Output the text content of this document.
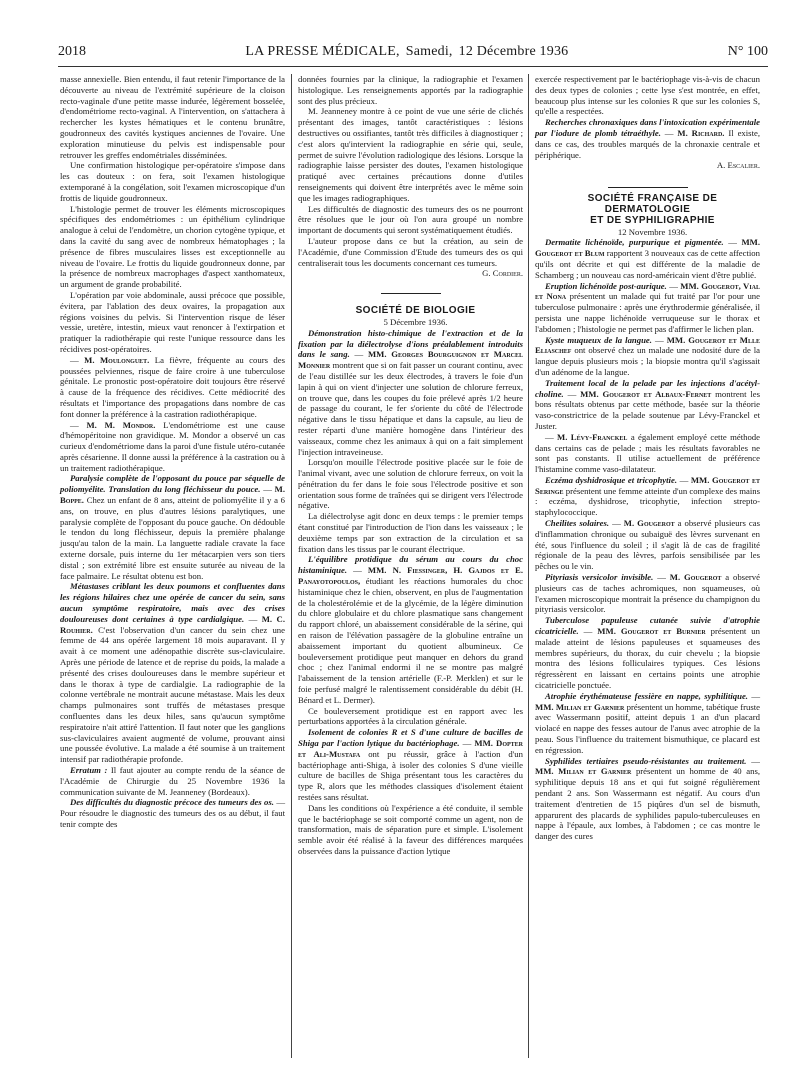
2018	LA PRESSE MÉDICALE, Samedi, 12 Décembre 1936	N° 100

masse annexielle. Bien entendu, il faut retenir l'importance de la découverte au niveau de l'extrémité supérieure de la cloison recto-vaginale d'une petite masse indurée, légèrement bosselée, d'endométriome recto-vaginal. A l'intervention, on s'attachera à rechercher les kystes hématiques et le contenu brunâtre, goudronneux des cavités kystiques anciennes de l'ovaire. Une exploration minutieuse du pelvis est indispensable pour retrouver les greffes endométriales disséminées.

Une confirmation histologique per-opératoire s'impose dans les cas douteux : on fera, soit l'examen histologique extemporané à la congélation, soit l'examen microscopique d'un frottis de liquide goudronneux.

L'histologie permet de trouver les éléments microscopiques spécifiques des endométriomes : un épithélium cylindrique analogue à celui de l'endomètre, un chorion cytogène typique, et dans la cavité du sang avec de nombreux hématophages ; la présence de fibres musculaires lisses est exceptionnelle au niveau de l'ovaire. Le frottis du liquide goudronneux donne, par la présence de nombreux macrophages d'aspect xanthomateux, un argument de grande probabilité.

L'opération par voie abdominale, aussi précoce que possible, évitera, par l'ablation des deux ovaires, la propagation aux régions voisines du pelvis. Si l'intervention risque de léser vessie, uretère, intestin, mieux vaut renoncer à l'extirpation et pratiquer la radiothérapie qui reste l'unique ressource dans les récidives post-opératoires.

— M. Moulonguet. La fièvre, fréquente au cours des poussées pelviennes, risque de faire croire à une tuberculose génitale. Le pronostic post-opératoire doit toujours être réservé à cause de la fréquence des récidives. Cette médiocrité des résultats et l'importance des propagations dans nombre de cas font donner la préférence à la castration radiothérapique.

— M. M. Mondor. L'endométriome est une cause d'hémopéritoine non gravidique. M. Mondor a observé un cas curieux d'endométriome dans la paroi d'une fistule utéro-cutanée après césarienne. Il donne aussi la préférence à la castration ou à un traitement radiothérapique.

Paralysie complète de l'opposant du pouce par séquelle de poliomyélite. Translation du long fléchisseur du pouce. — M. Boppe. Chez un enfant de 8 ans, atteint de poliomyélite il y a 6 ans, on trouve, en plus d'autres lésions paralytiques, une paralysie complète de l'opposant du pouce gauche. On dédouble le tendon du long fléchisseur, depuis la première phalange jusqu'au talon de la main. La languette radiale cravate la face externe dorsale, puis interne du 1er métacarpien vers son tiers distal ; son extrémité libre est ensuite suturée au niveau de la face palmaire. Le résultat obtenu est bon.

Métastases criblant les deux poumons et confluentes dans les régions hilaires chez une opérée de cancer du sein, sans aucun symptôme respiratoire, mais avec des crises douloureuses dont certaines à type cardialgique. — M. C. Rouhier. C'est l'observation d'un cancer du sein chez une femme de 44 ans opérée largement 18 mois auparavant. Il y avait à ce moment une adénopathie discrète sus-claviculaire. Après une période de latence et de reprise du poids, la malade a présenté des crises douloureuses dans le membre supérieur et dans le thorax à type de cardialgie. La radiographie de la colonne vertébrale ne montrait aucune métastase. Mais les deux champs pulmonaires sont truffés de métastases presque confluentes dans les deux hiles, sans qu'aucun symptôme respiratoire n'ait attiré l'attention. Il faut noter que les ganglions sus-claviculaires avaient augmenté de volume, prouvant ainsi une poussée évolutive. La malade a été soumise à un traitement intensif par radiothérapie profonde.

Erratum : Il faut ajouter au compte rendu de la séance de l'Académie de Chirurgie du 25 Novembre 1936 la communication suivante de M. Jeanneney (Bordeaux).

Des difficultés du diagnostic précoce des tumeurs des os. — Pour résoudre le diagnostic des tumeurs des os au début, il faut tenir compte des

données fournies par la clinique, la radiographie et l'examen histologique. Les renseignements apportés par la radiographie sont des plus précieux.

M. Jeanneney montre à ce point de vue une série de clichés présentant des images, tantôt caractéristiques : lésions destructives ou ossifiantes, tantôt très difficiles à diagnostiquer ; c'est alors qu'intervient la radiographie en série qui, seule, permet de suivre l'évolution radiologique des lésions. Lorsque la radiographie laisse persister des doutes, l'examen histologique pratiqué avec certaines précautions donne d'utiles renseignements qui doivent être interprétés avec le même soin que les images radiographiques.

Les difficultés de diagnostic des tumeurs des os ne pourront être résolues que le jour où l'on aura groupé un nombre important de documents qui seront systématiquement étudiés.

L'auteur propose dans ce but la création, au sein de l'Académie, d'une Commission d'Etude des tumeurs des os qui centraliserait tous les documents concernant ces tumeurs.

G. Cordier.

SOCIÉTÉ DE BIOLOGIE

5 Décembre 1936.

Démonstration histo-chimique de l'extraction et de la fixation par la diélectrolyse d'ions préalablement introduits dans le sang. — MM. Georges Bourguignon et Marcel Monnier montrent que si on fait passer un courant continu, avec de l'eau distillée sur les deux électrodes, à travers le foie d'un lapin à qui on vient d'injecter une solution de chlorure ferreux, on trouve que, dans les coupes du foie prélevé après 1/2 heure de passage du courant, le fer s'oriente du côté de l'électrode négative dans le tissu hépatique et dans la capsule, au lieu de rester réparti d'une manière homogène dans l'intérieur des vaisseaux, comme chez les animaux à qui on a fait simplement l'injection intraveineuse.

Lorsqu'on mouille l'électrode positive placée sur le foie de l'animal vivant, avec une solution de chlorure ferreux, on voit la pénétration du fer dans le foie sous l'électrode positive et son orientation sous forme de traînées qui se dirigent vers l'électrode négative.

La diélectrolyse agit donc en deux temps : le premier temps étant constitué par l'introduction de l'ion dans les vaisseaux ; le deuxième temps par son extraction de la circulation et sa fixation dans les tissus par le courant électrique.

L'équilibre protidique du sérum au cours du choc histaminique. — MM. N. Fiessinger, H. Gajdos et E. Panayotopoulos, étudiant les réactions humorales du choc histaminique chez le chien, observent, en plus de l'augmentation de la cholestérolémie et de la glycémie, de la légère diminution du chlore globulaire et du chlore plasmatique sans changement du rapport chloré, un abaissement considérable de la sérine, qui en raison de l'élévation passagère de la globuline entraîne un abaissement important du quotient albumineux. Ce bouleversement protidique peut manquer en dehors du grand choc ; chez l'animal endormi il ne se montre pas malgré l'abaissement de la tension artérielle (F.-P. Merklen) et sur le foie perfusé malgré le ralentissement considérable du débit (H. Bénard et L. Dermer).

Ce bouleversement protidique est en rapport avec les perturbations apportées à la circulation générale.

Isolement de colonies R et S d'une culture de bacilles de Shiga par l'action lytique du bactériophage. — MM. Dopter et Ali-Mustafa ont pu réussir, grâce à l'action d'un bactériophage anti-Shiga, à isoler des colonies S d'une vieille culture de bacilles de Shiga présentant tous les caractères du type R, alors que les méthodes classiques d'isolement étaient restées sans résultat.

Dans les conditions où l'expérience a été conduite, il semble que le bactériophage se soit comporté comme un agent, non de transformation, mais de séparation pure et simple. L'isolement semble avoir été réalisé à la faveur des différences marquées observées dans la puissance d'action lytique

exercée respectivement par le bactériophage vis-à-vis de chacun des deux types de colonies ; cette lyse s'est montrée, en effet, beaucoup plus intense sur les colonies R que sur les colonies S, qu'elle a respectées.

Recherches chronaxiques dans l'intoxication expérimentale par l'iodure de plomb tétraéthyle. — M. Richard. Il existe, dans ce cas, des troubles marqués de la chronaxie centrale et périphérique.

A. Escalier.

SOCIÉTÉ FRANÇAISE DE DERMATOLOGIE

ET DE SYPHILIGRAPHIE

12 Novembre 1936.

Dermatite lichénoïde, purpurique et pigmentée. — MM. Gougerot et Blum rapportent 3 nouveaux cas de cette affection qu'ils ont décrite et qui est différente de la maladie de Schamberg ; un nouveau cas nord-américain vient d'être publié.

Eruption lichénoïde post-aurique. — MM. Gougerot, Vial et Nona présentent un malade qui fut traité par l'or pour une tuberculose pulmonaire : après une érythrodermie généralisée, il persista une nappe lichénoïde verruqueuse sur le thorax et l'abdomen ; l'histologie ne permet pas d'affirmer le lichen plan.

Kyste muqueux de la langue. — MM. Gougerot et Mlle Eliaschef ont observé chez un malade une nodosité dure de la langue depuis plusieurs mois ; la biopsie montra qu'il s'agissait d'un adénome de la langue.

Traitement local de la pelade par les injections d'acétyl-choline. — MM. Gougerot et Albaux-Fernet montrent les bons résultats obtenus par cette méthode, basée sur la théorie vaso-constrictrice de la pelade soutenue par Lévy-Franckel et Juster.

— M. Lévy-Franckel a également employé cette méthode dans certains cas de pelade ; mais les résultats favorables ne sont pas constants. Il utilise actuellement de préférence l'histamine comme vaso-dilatateur.

Eczéma dyshidrosique et tricophytie. — MM. Gougerot et Seringe présentent une femme atteinte d'un complexe des mains : eczéma, dyshidrose, tricophytie, infection strepto-staphylococcique.

Cheilites solaires. — M. Gougerot a observé plusieurs cas d'inflammation chronique ou subaiguë des lèvres survenant en été, sous l'influence du soleil ; il s'agit là de cas de fragilité régionale de la peau des lèvres, parfois sensibilisée par les pêches ou le vin.

Pityriasis versicolor invisible. — M. Gougerot a observé plusieurs cas de taches achromiques, non squameuses, où l'examen microscopique montrait la présence du champignon du pityriasis versicolor.

Tuberculose papuleuse cutanée suivie d'atrophie cicatricielle. — MM. Gougerot et Burnier présentent un malade atteint de lésions papuleuses et squameuses des membres supérieurs, du thorax, du cuir chevelu ; la biopsie montra des lésions folliculaires typiques. Ces lésions régressèrent en laissant en certains points une atrophie cicatricielle ponctuée.

Atrophie érythémateuse fessière en nappe, syphilitique. — MM. Milian et Garnier présentent un homme, tabétique fruste avec Wassermann positif, atteint depuis 1 an d'un placard violacé en nappe des fesses autour de l'anus avec atrophie de la peau. Sous l'influence du traitement bismuthique, ce placard est en régression.

Syphilides tertiaires pseudo-résistantes au traitement. — MM. Milian et Garnier présentent un homme de 40 ans, syphilitique depuis 18 ans et qui fut soigné régulièrement pendant 2 ans. Son Wassermann est négatif. Au cours d'un traitement d'entretien de 15 piqûres d'un sel de bismuth, apparurent des placards de syphilides papulo-tuberculeuses en nappe à l'épaule, aux lombes, à l'abdomen ; ce cas montre le danger des cures
